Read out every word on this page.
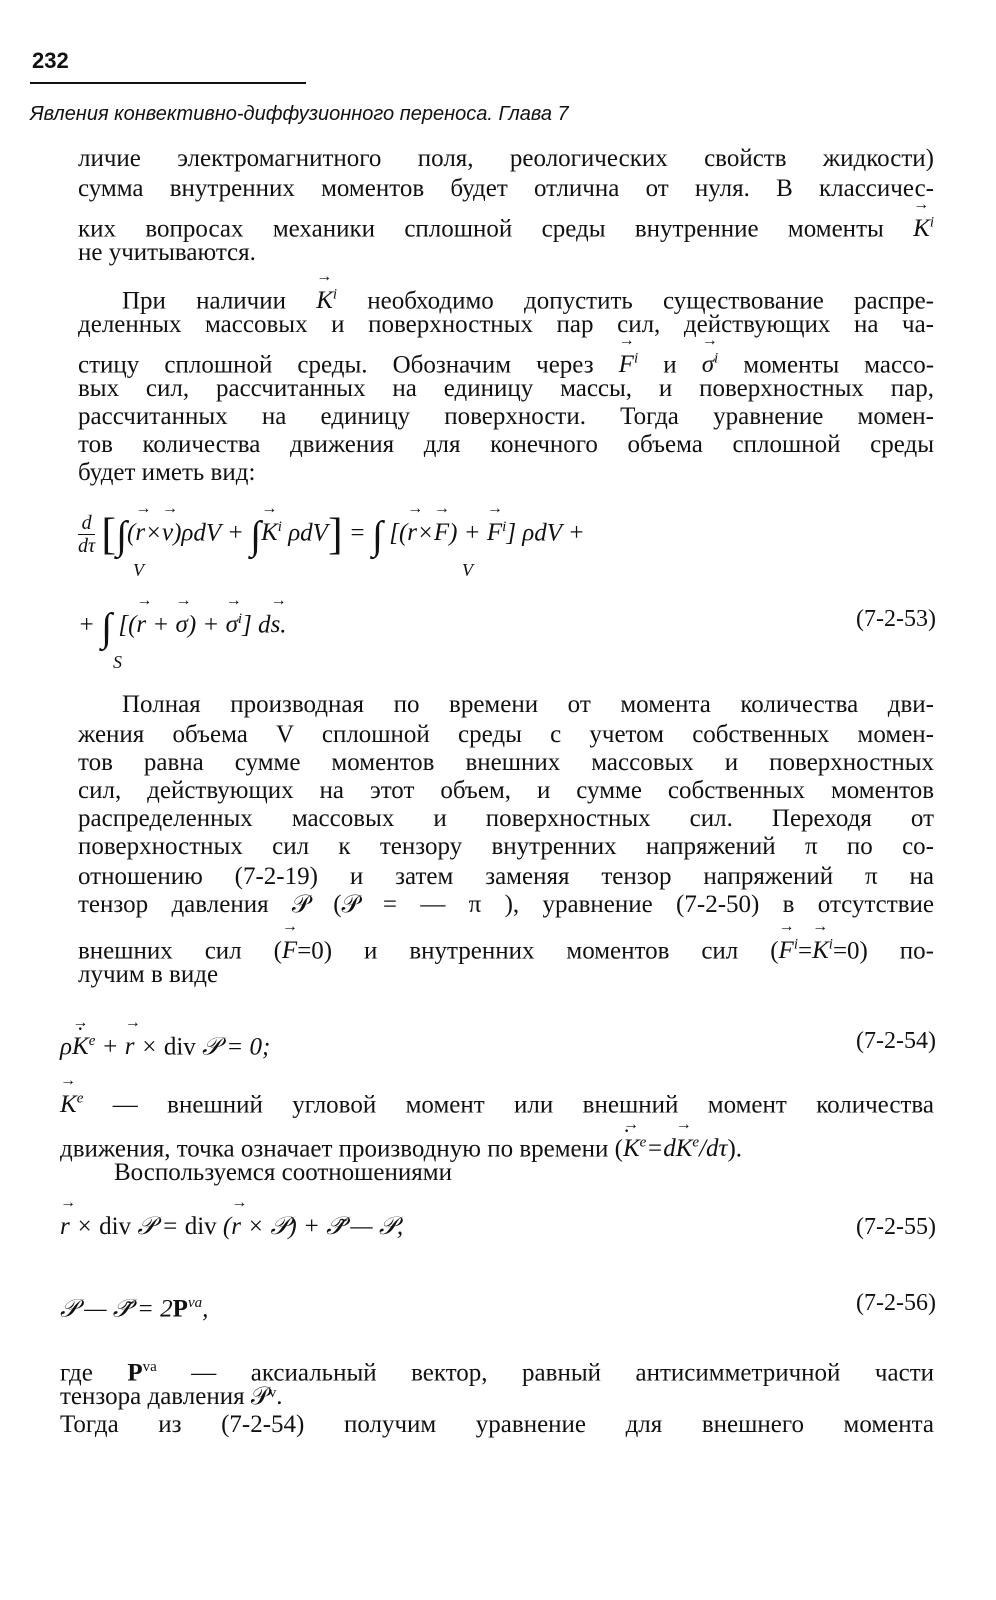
232
Явления конвективно-диффузионного переноса. Глава 7
личие электромагнитного поля, реологических свойств жидкости)
сумма внутренних моментов будет отлична от нуля. В классичес-
ких вопросах механики сплошной среды внутренние моменты → $K^i$
не учитываются.
При наличии → $K^i$ необходимо допустить существование распре-
деленных массовых и поверхностных пар сил, действующих на ча-
стицу сплошной среды. Обозначим через → $F^i$ $и \to \sigma^i$ моменты массо-
вых сил, рассчитанных на единицу массы, и поверхностных пар,
рассчитанных на единицу поверхности. Тогда уравнение момен-
тов количества движения для конечного объема сплошной среды
будет иметь вид:
$\frac{d}{d\tau}$ [∫(→ r×→ v)ρdV + ∫→ $K^i$ ρdV] = ∫ [(→ r×→ F) + → $F^i$] ρdV +
V	V
+ ∫ [(→ r + → σ) + → $\sigma^i$] d→ s.
S
(7-2-53)
Полная производная по времени от момента количества дви-
жения объема V сплошной среды с учетом собственных момен-
тов равна сумме моментов внешних массовых и поверхностных
сил, действующих на этот объем, и сумме собственных моментов
распределенных массовых и поверхностных сил. Переходя от
поверхностных сил к тензору внутренних напряжений π по со-
отношению (7-2-19) и затем заменяя тензор напряжений π на
тензор давления 𝒫 (𝒫 = — π ), уравнение (7-2-50) в отсутствие
внешних сил (→ F=0) и внутренних моментов сил (→ $F^i=\to K^i=0$) по-
лучим в виде
ρ→ K ·$^e$ + → r × div 𝒫 = 0;	(7-2-54)
→ $K^e$ — внешний угловой момент или внешний момент количества
движения, точка означает производную по времени (→ $K \cdot^e=d\to K^e/d\tau$).
Воспользуемся соотношениями
→ r × div 𝒫 = div (→ r × 𝒫) + 𝒫̃ — 𝒫,	(7-2-55)
𝒫 — 𝒫̃ = $2P^{va}$,	(7-2-56)
где $P^{va}$ — аксиальный вектор, равный антисимметричной части
тензора давления 𝒫ᵛ.
Тогда из (7-2-54) получим уравнение для внешнего момента
